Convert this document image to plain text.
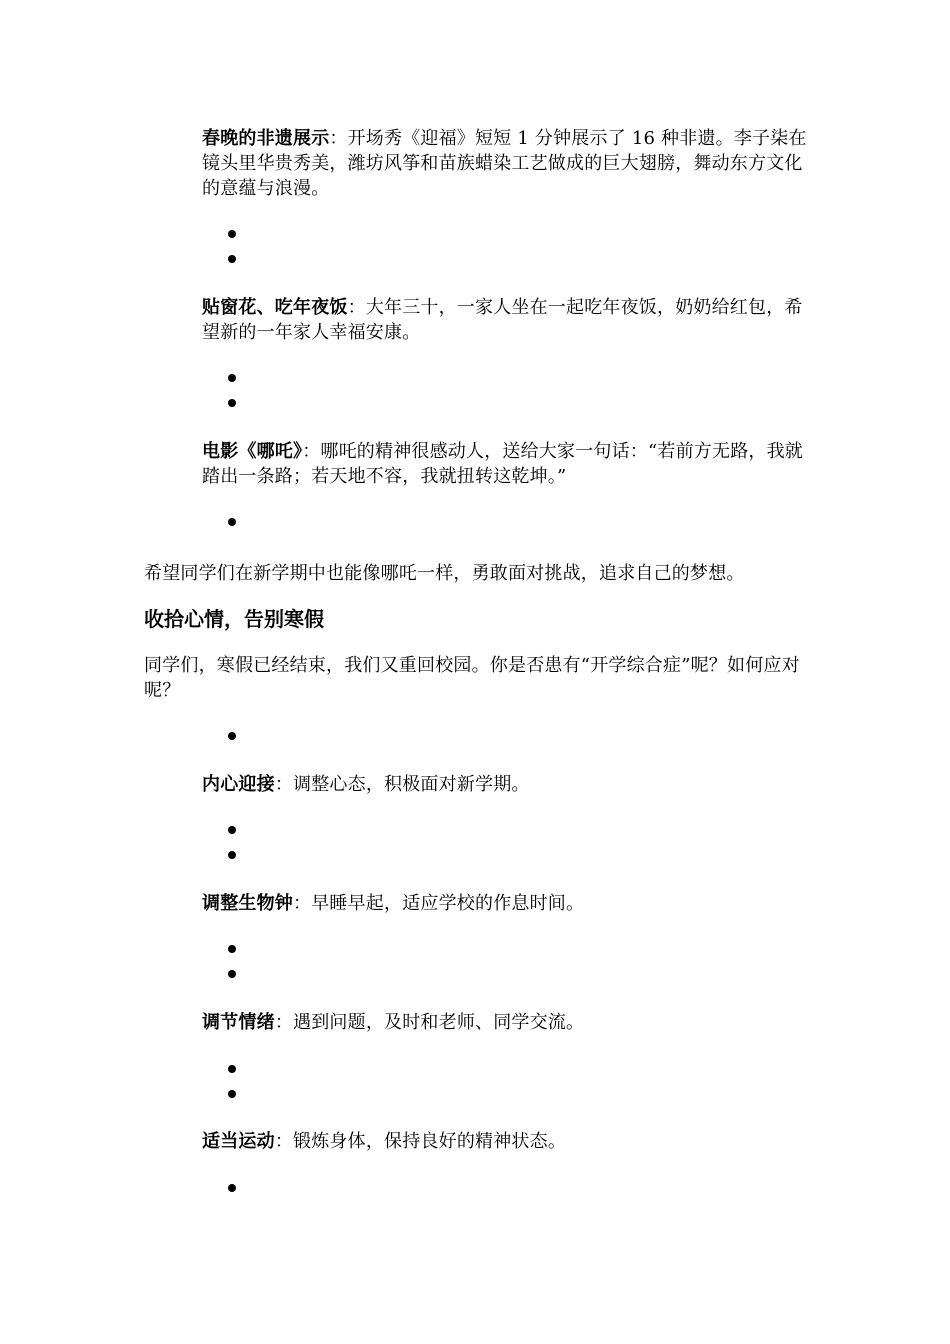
春晚的非遗展示：开场秀《迎福》短短 1 分钟展示了 16 种非遗。李子柒在镜头里华贵秀美，潍坊风筝和苗族蜡染工艺做成的巨大翅膀，舞动东方文化的意蕴与浪漫。

贴窗花、吃年夜饭：大年三十，一家人坐在一起吃年夜饭，奶奶给红包，希望新的一年家人幸福安康。

电影《哪吒》：哪吒的精神很感动人，送给大家一句话：“若前方无路，我就踏出一条路；若天地不容，我就扭转这乾坤。”

希望同学们在新学期中也能像哪吒一样，勇敢面对挑战，追求自己的梦想。

收拾心情，告别寒假

同学们，寒假已经结束，我们又重回校园。你是否患有“开学综合症”呢？如何应对呢？

内心迎接：调整心态，积极面对新学期。

调整生物钟：早睡早起，适应学校的作息时间。

调节情绪：遇到问题，及时和老师、同学交流。

适当运动：锻炼身体，保持良好的精神状态。
